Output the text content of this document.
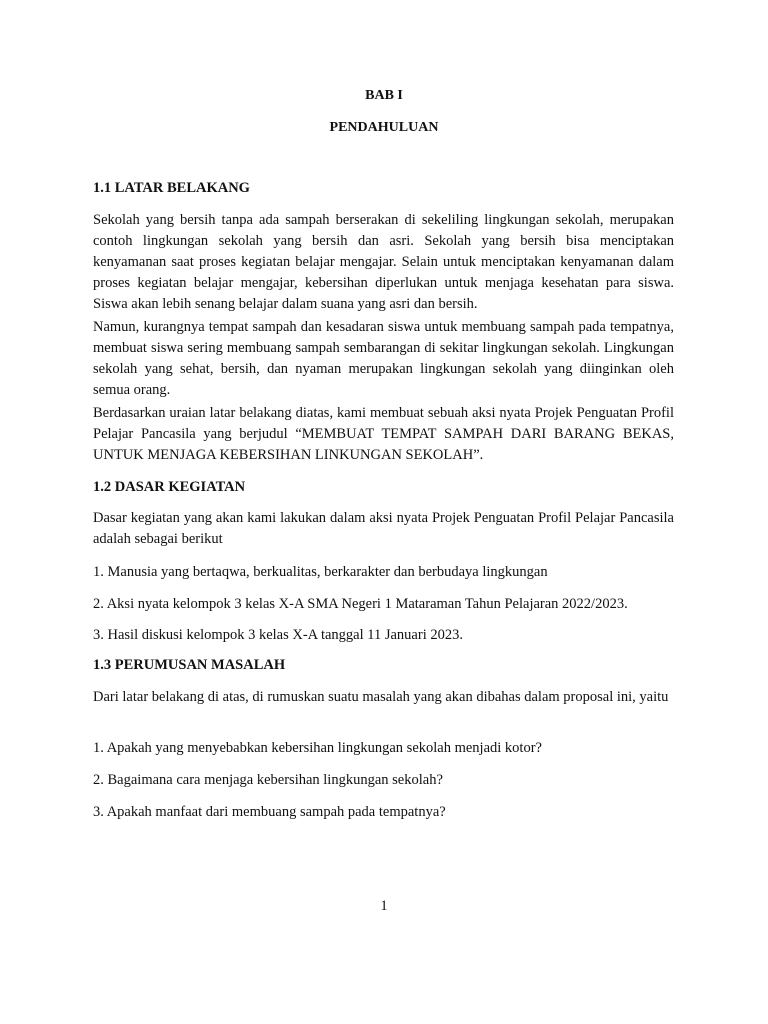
BAB I

PENDAHULUAN

1.1 LATAR BELAKANG

Sekolah yang bersih tanpa ada sampah berserakan di sekeliling lingkungan sekolah, merupakan contoh lingkungan sekolah yang bersih dan asri. Sekolah yang bersih bisa menciptakan kenyamanan saat proses kegiatan belajar mengajar. Selain untuk menciptakan kenyamanan dalam proses kegiatan belajar mengajar, kebersihan diperlukan untuk menjaga kesehatan para siswa. Siswa akan lebih senang belajar dalam suana yang asri dan bersih.

Namun, kurangnya tempat sampah dan kesadaran siswa untuk membuang sampah pada tempatnya, membuat siswa sering membuang sampah sembarangan di sekitar lingkungan sekolah. Lingkungan sekolah yang sehat, bersih, dan nyaman merupakan lingkungan sekolah yang diinginkan oleh semua orang.

Berdasarkan uraian latar belakang diatas, kami membuat sebuah aksi nyata Projek Penguatan Profil Pelajar Pancasila yang berjudul “MEMBUAT TEMPAT SAMPAH DARI BARANG BEKAS, UNTUK MENJAGA KEBERSIHAN LINKUNGAN SEKOLAH”.

1.2 DASAR KEGIATAN

Dasar kegiatan yang akan kami lakukan dalam aksi nyata Projek Penguatan Profil Pelajar Pancasila adalah sebagai berikut

1. Manusia yang bertaqwa, berkualitas, berkarakter dan berbudaya lingkungan

2. Aksi nyata kelompok 3 kelas X-A SMA Negeri 1 Mataraman Tahun Pelajaran 2022/2023.

3. Hasil diskusi kelompok 3 kelas X-A tanggal 11 Januari 2023.

1.3 PERUMUSAN MASALAH

Dari latar belakang di atas, di rumuskan suatu masalah yang akan dibahas dalam proposal ini, yaitu

1. Apakah yang menyebabkan kebersihan lingkungan sekolah menjadi kotor?

2. Bagaimana cara menjaga kebersihan lingkungan sekolah?

3. Apakah manfaat dari membuang sampah pada tempatnya?

1
